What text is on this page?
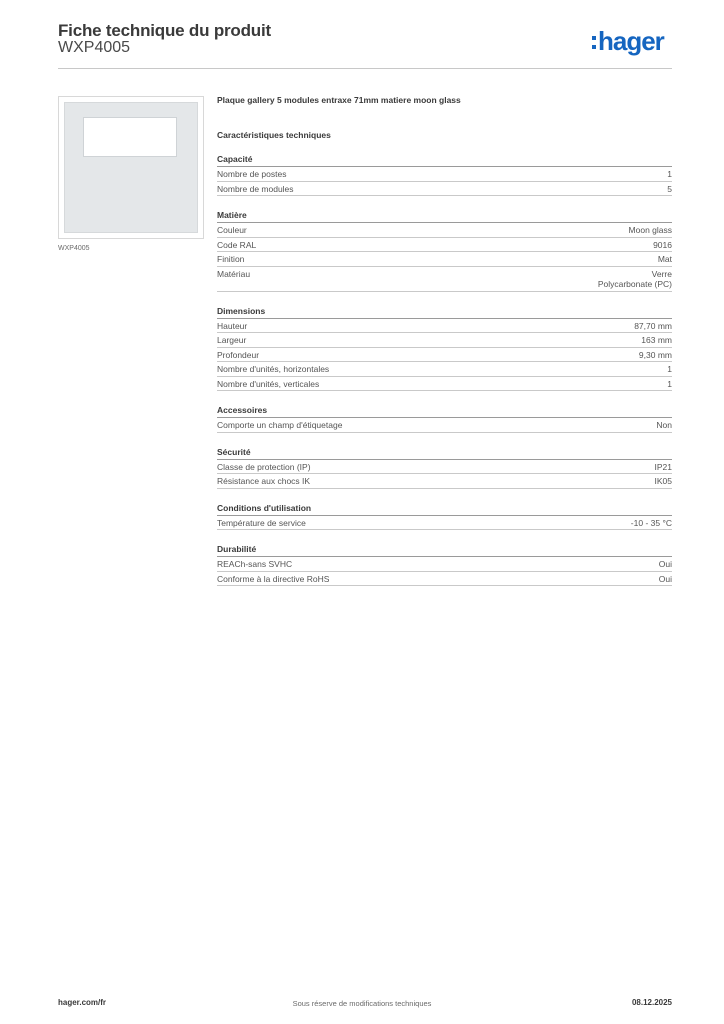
Fiche technique du produit
WXP4005	hager
WXP4005
Plaque gallery 5 modules entraxe 71mm matiere moon glass
Caractéristiques techniques
Capacité
Nombre de postes	1
Nombre de modules	5
Matière
Couleur	Moon glass
Code RAL	9016
Finition	Mat
Matériau	Verre
Polycarbonate (PC)
Dimensions
Hauteur	87,70 mm
Largeur	163 mm
Profondeur	9,30 mm
Nombre d'unités, horizontales	1
Nombre d'unités, verticales	1
Accessoires
Comporte un champ d'étiquetage	Non
Sécurité
Classe de protection (IP)	IP21
Résistance aux chocs IK	IK05
Conditions d'utilisation
Température de service	-10 - 35 °C
Durabilité
REACh-sans SVHC	Oui
Conforme à la directive RoHS	Oui
hager.com/fr	Sous réserve de modifications techniques	08.12.2025
